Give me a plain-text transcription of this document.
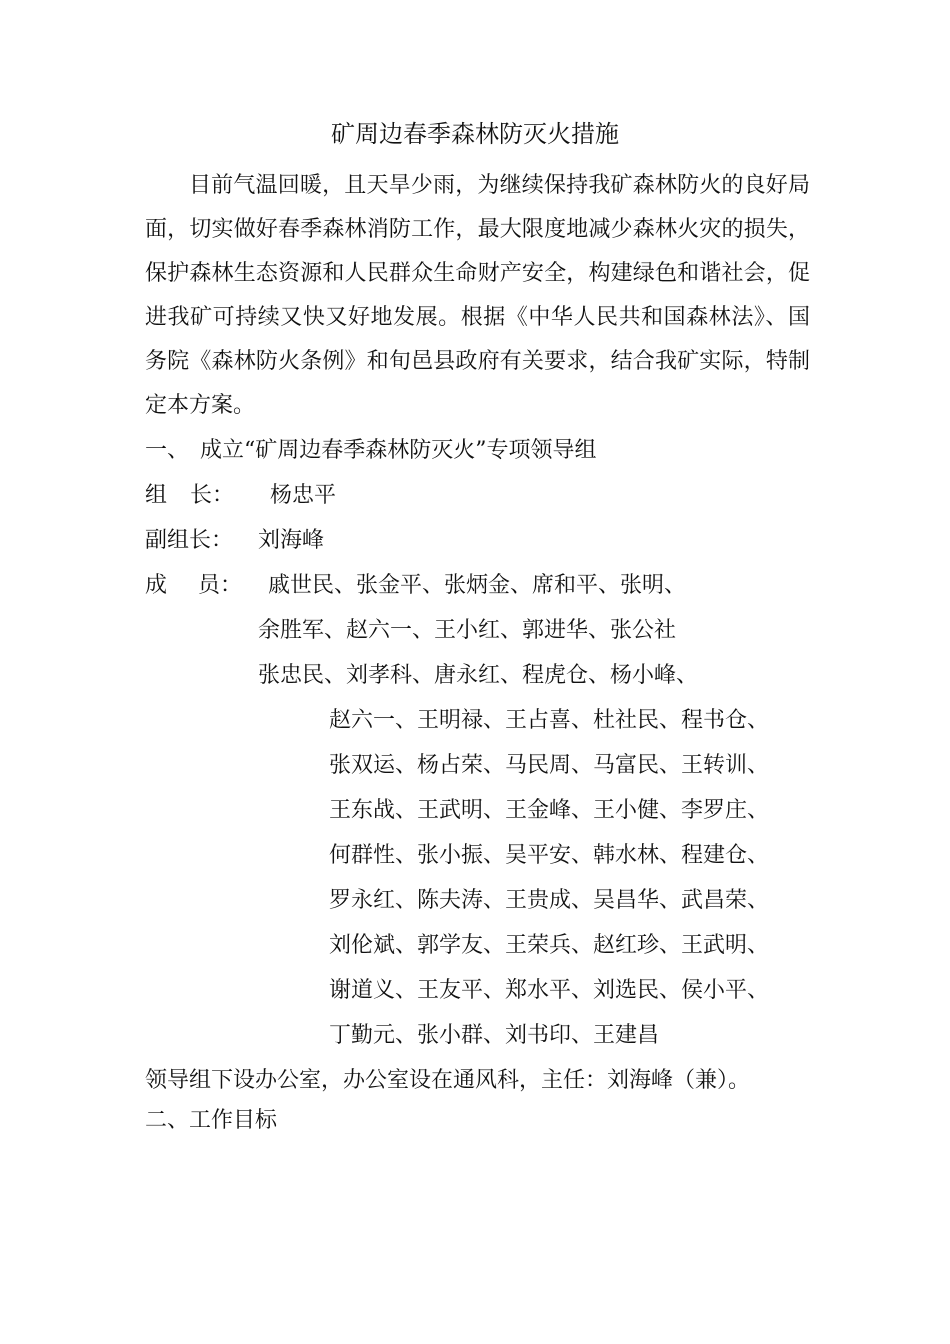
矿周边春季森林防灭火措施
目前气温回暖，且天旱少雨，为继续保持我矿森林防火的良好局面，切实做好春季森林消防工作，最大限度地减少森林火灾的损失，保护森林生态资源和人民群众生命财产安全，构建绿色和谐社会，促进我矿可持续又快又好地发展。根据《中华人民共和国森林法》、国务院《森林防火条例》和旬邑县政府有关要求，结合我矿实际，特制定本方案。
一、 成立“矿周边春季森林防灭火”专项领导组
组 长： 杨忠平
副组长： 刘海峰
成 员： 戚世民、张金平、张炳金、席和平、张明、
余胜军、赵六一、王小红、郭进华、张公社
张忠民、刘孝科、唐永红、程虎仓、杨小峰、
赵六一、王明禄、王占喜、杜社民、程书仓、
张双运、杨占荣、马民周、马富民、王转训、
王东战、王武明、王金峰、王小健、李罗庄、
何群性、张小振、吴平安、韩水林、程建仓、
罗永红、陈夫涛、王贵成、吴昌华、武昌荣、
刘伦斌、郭学友、王荣兵、赵红珍、王武明、
谢道义、王友平、郑水平、刘选民、侯小平、
丁勤元、张小群、刘书印、王建昌
领导组下设办公室，办公室设在通风科，主任：刘海峰（兼）。
二、工作目标
